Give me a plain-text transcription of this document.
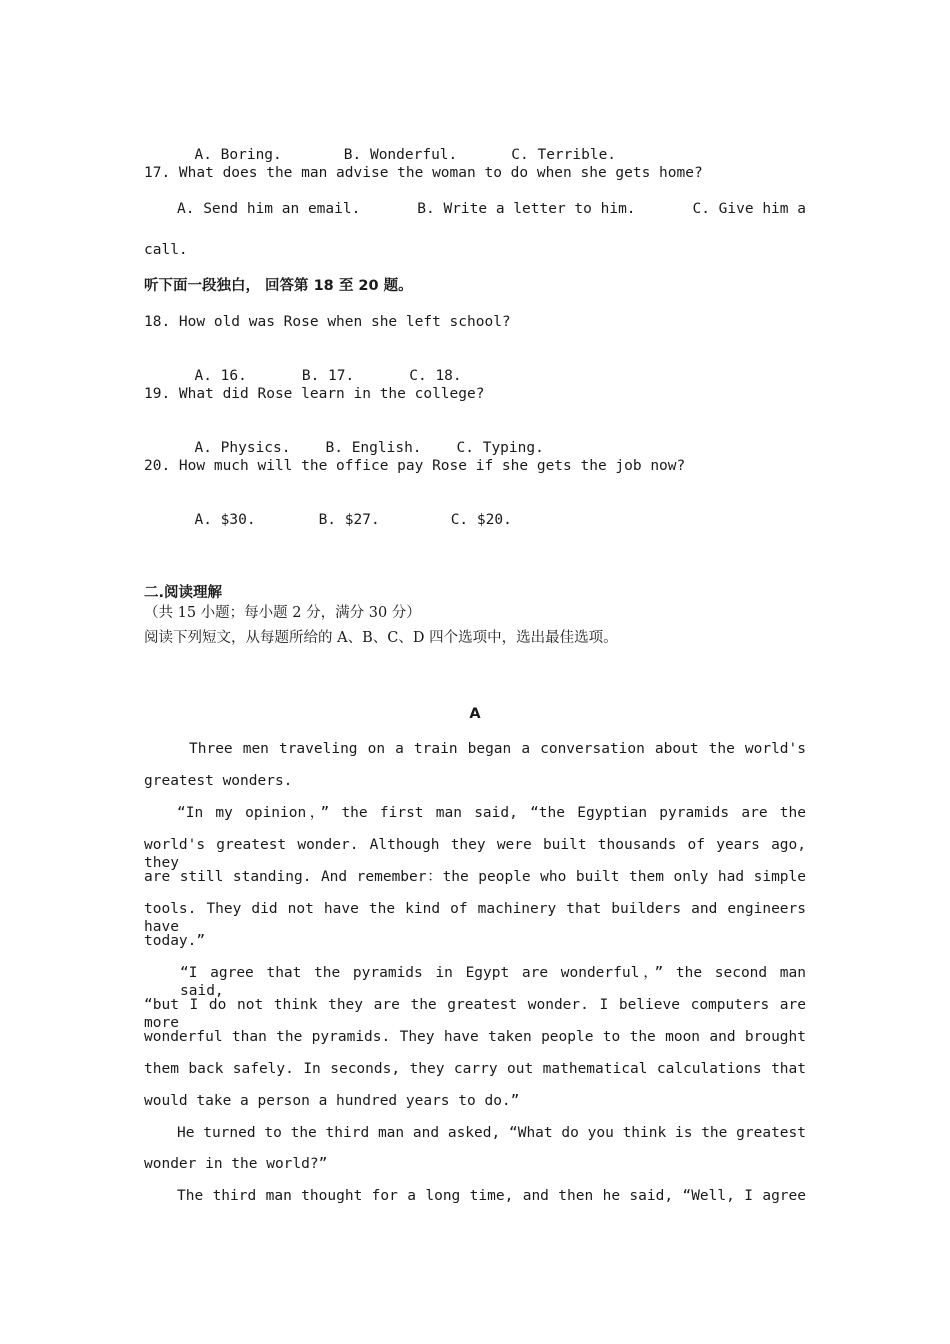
A. Boring.	B. Wonderful.	C. Terrible.

17. What does the man advise the woman to do when she gets home?
A. Send him an email.	B. Write a letter to him.	C. Give him a
call.
听下面一段独白， 回答第 18 至 20 题。
18. How old was Rose when she left school?

A. 16.	B. 17.	C. 18.

19. What did Rose learn in the college?

A. Physics. B. English. C. Typing.

20. How much will the office pay Rose if she gets the job now?

A. $30.	B. $27.	C. $20.

二.阅读理解
（共 15 小题；每小题 2 分，满分 30 分）
阅读下列短文，从每题所给的 A、B、C、D 四个选项中，选出最佳选项。
A
Three men traveling on a train began a conversation about the world's
greatest wonders.
“In my opinion，” the first man said, “the Egyptian pyramids are the
world's greatest wonder. Although they were built thousands of years ago, they
are still standing. And remember：the people who built them only had simple
tools. They did not have the kind of machinery that builders and engineers have
today.”
“I agree that the pyramids in Egypt are wonderful，” the second man said,
“but I do not think they are the greatest wonder. I believe computers are more
wonderful than the pyramids. They have taken people to the moon and brought
them back safely. In seconds, they carry out mathematical calculations that
would take a person a hundred years to do.”
He turned to the third man and asked, “What do you think is the greatest
wonder in the world?”
The third man thought for a long time, and then he said, “Well, I agree
